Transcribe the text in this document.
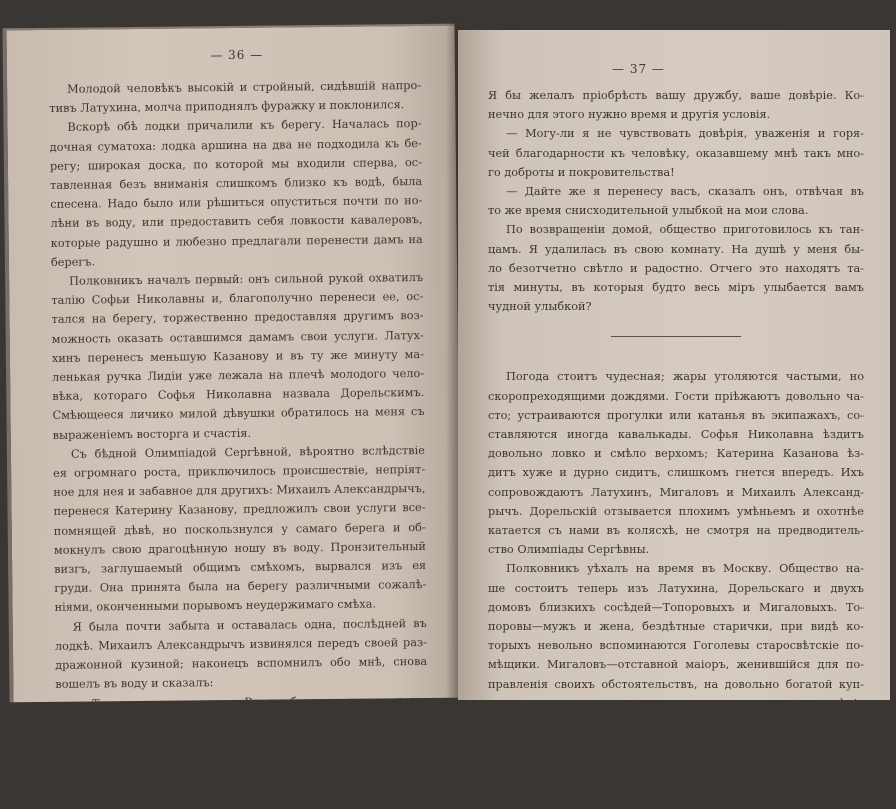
— 36 —
Молодой человѣкъ высокій и стройный, сидѣвшій напро-
тивъ Латухина, молча приподнялъ фуражку и поклонился.
Вскорѣ обѣ лодки причалили къ берегу. Началась пор-
дочная суматоха: лодка аршина на два не подходила къ бе-
регу; широкая доска, по которой мы входили сперва, ос-
тавленная безъ вниманія слишкомъ близко къ водѣ, была
спесена. Надо было или рѣшиться опуститься почти по но-
лѣни въ воду, или предоставить себя ловкости кавалеровъ,
которые радушно и любезно предлагали перенести дамъ на
берегъ.
Полковникъ началъ первый: онъ сильной рукой охватилъ
талію Софьи Николавны и, благополучно перенеси ее, ос-
тался на берегу, торжественно предоставляя другимъ воз-
можность оказать оставшимся дамамъ свои услуги. Латух-
хинъ перенесъ меньшую Казанову и въ ту же минуту ма-
ленькая ручка Лидіи уже лежала на плечѣ молодого чело-
вѣка, котораго Софья Николавна назвала Дорельскимъ.
Смѣющееся личико милой дѣвушки обратилось на меня съ
выраженіемъ восторга и счастія.
Съ бѣдной Олимпіадой Сергѣвной, вѣроятно вслѣдствіе
ея огромнаго роста, приключилось происшествіе, непріят-
ное для нея и забавное для другихъ: Михаилъ Александрычъ,
перенеся Катерину Казанову, предложилъ свои услуги все-
помнящей дѣвѣ, но поскользнулся у самаго берега и об-
мокнулъ свою драгоцѣнную ношу въ воду. Пронзительный
визгъ, заглушаемый общимъ смѣхомъ, вырвался изъ ея
груди. Она принята была на берегу различными сожалѣ-
ніями, оконченными порывомъ неудержимаго смѣха.
Я была почти забыта и оставалась одна, послѣдней въ
лодкѣ. Михаилъ Александрычъ извинялся передъ своей раз-
дражонной кузиной; наконецъ вспомнилъ обо мнѣ, снова
вошелъ въ воду и сказалъ:
— Теперь ваша очередь... Вы не боитесь, что я уроню
васъ?
— О, нѣтъ! отвѣчала я.
— Мнѣ бы хотѣлось отчалить и проѣхать еще, чтобъ
поговорить съ вами,—мы такъ мало знаемъ другъ друга.
— 37 —
Я бы желалъ пріобрѣсть вашу дружбу, ваше довѣріе. Ко-
нечно для этого нужно время и другія условія.
— Могу-ли я не чувствовать довѣрія, уваженія и горя-
чей благодарности къ человѣку, оказавшему мнѣ такъ мно-
го доброты и покровительства!
— Дайте же я перенесу васъ, сказалъ онъ, отвѣчая въ
то же время снисходительной улыбкой на мои слова.
По возвращеніи домой, общество приготовилось къ тан-
цамъ. Я удалилась въ свою комнату. На душѣ у меня бы-
ло безотчетно свѣтло и радостно. Отчего это находятъ та-
тія минуты, въ которыя будто весь міръ улыбается вамъ
чудной улыбкой?
Погода стоитъ чудесная; жары утоляются частыми, но
скоропреходящими дождями. Гости пріѣжаютъ довольно ча-
сто; устраиваются прогулки или катанья въ экипажахъ, со-
ставляются иногда кавалькады. Софья Николавна ѣздитъ
довольно ловко и смѣло верхомъ; Катерина Казанова ѣз-
дитъ хуже и дурно сидитъ, слишкомъ гнется впередъ. Ихъ
сопровождаютъ Латухинъ, Мигаловъ и Михаилъ Александ-
рычъ. Дорельскій отзывается плохимъ умѣньемъ и охотнѣе
катается съ нами въ колясхѣ, не смотря на предводитель-
ство Олимпіады Сергѣвны.
Полковникъ уѣхалъ на время въ Москву. Общество на-
ше состоитъ теперь изъ Латухина, Дорельскаго и двухъ
домовъ близкихъ сосѣдей—Топоровыхъ и Мигаловыхъ. То-
поровы—мужъ и жена, бездѣтные старички, при видѣ ко-
торыхъ невольно вспоминаются Гоголевы старосвѣтскіе по-
мѣщики. Мигаловъ—отставной маіоръ, женившійся для по-
правленія своихъ обстоятельствъ, на довольно богатой куп-
чихъ, что дало ему возможность купить порядочное имѣніе
и наслаждаться жизнью помѣщика. Я видѣла его нѣсколько
разъ,—онъ мнѣ очень не нравится. Онъ худощавъ и смуглъ;
не смотря на то, что черты лица его мелки и голосъ мяг-
покъ, видно что-то фальшивое и жесткое въ маленькихъ
черныхъ глазахъ его, избѣгающихъ смотрѣть прямо на
